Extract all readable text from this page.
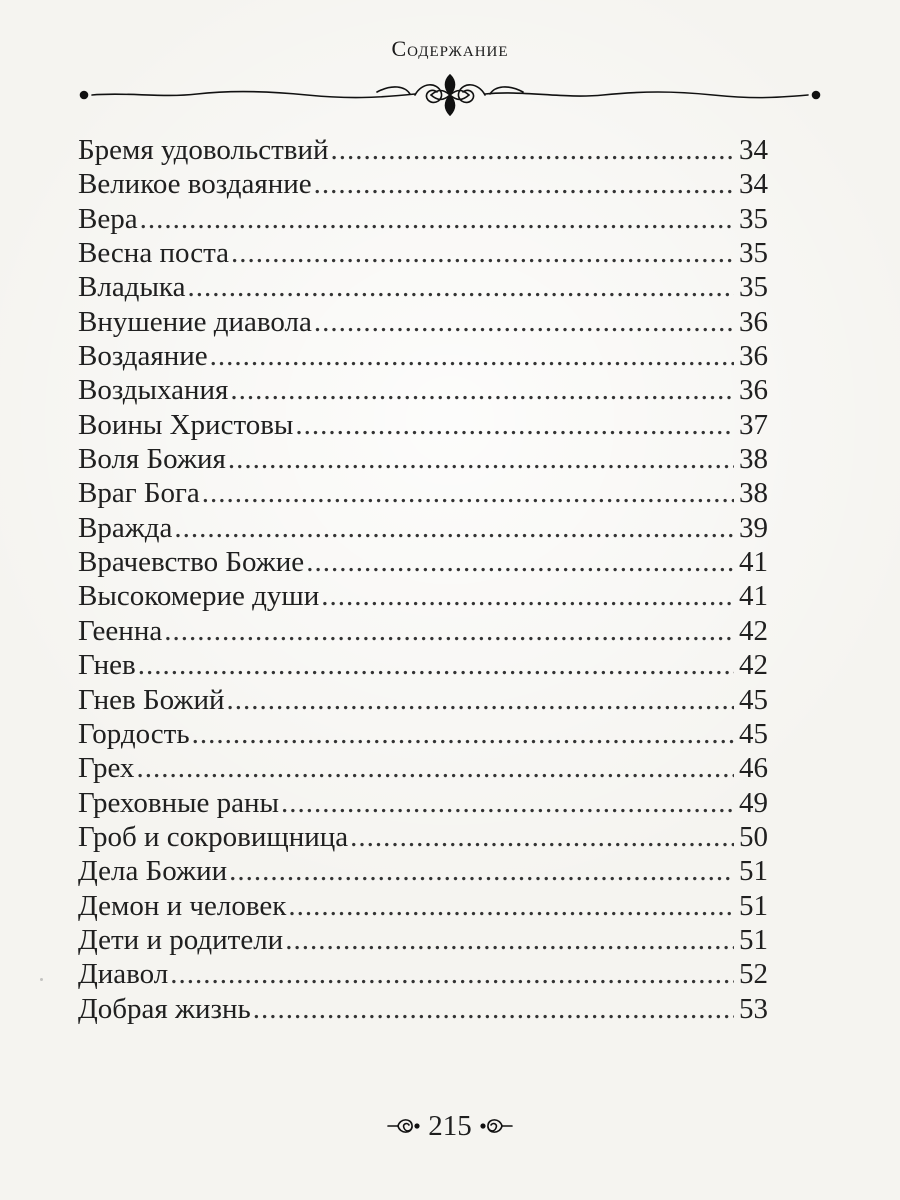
Содержание
Бремя удовольствий .....	34
Великое воздаяние .....	34
Вера .....	35
Весна поста .....	35
Владыка .....	35
Внушение диавола .....	36
Воздаяние .....	36
Воздыхания .....	36
Воины Христовы .....	37
Воля Божия .....	38
Враг Бога .....	38
Вражда .....	39
Врачевство Божие .....	41
Высокомерие души .....	41
Геенна .....	42
Гнев .....	42
Гнев Божий .....	45
Гордость .....	45
Грех .....	46
Греховные раны .....	49
Гроб и сокровищница .....	50
Дела Божии .....	51
Демон и человек .....	51
Дети и родители .....	51
Диавол .....	52
Добрая жизнь .....	53
215
